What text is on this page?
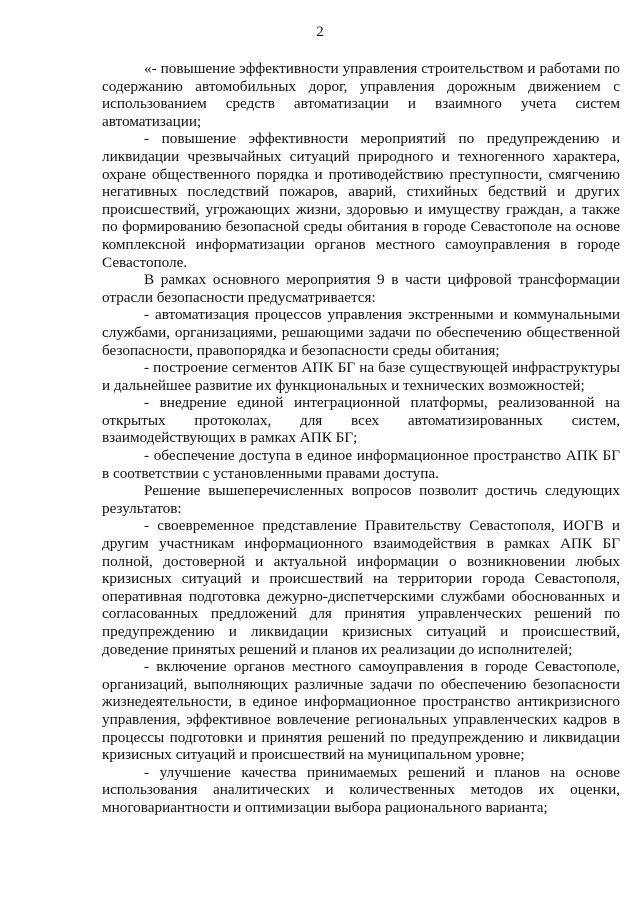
2

«- повышение эффективности управления строительством и работами по содержанию автомобильных дорог, управления дорожным движением с использованием средств автоматизации и взаимного учета систем автоматизации;

- повышение эффективности мероприятий по предупреждению и ликвидации чрезвычайных ситуаций природного и техногенного характера, охране общественного порядка и противодействию преступности, смягчению негативных последствий пожаров, аварий, стихийных бедствий и других происшествий, угрожающих жизни, здоровью и имуществу граждан, а также по формированию безопасной среды обитания в городе Севастополе на основе комплексной информатизации органов местного самоуправления в городе Севастополе.

В рамках основного мероприятия 9 в части цифровой трансформации отрасли безопасности предусматривается:

- автоматизация процессов управления экстренными и коммунальными службами, организациями, решающими задачи по обеспечению общественной безопасности, правопорядка и безопасности среды обитания;

- построение сегментов АПК БГ на базе существующей инфраструктуры и дальнейшее развитие их функциональных и технических возможностей;

- внедрение единой интеграционной платформы, реализованной на открытых протоколах, для всех автоматизированных систем, взаимодействующих в рамках АПК БГ;

- обеспечение доступа в единое информационное пространство АПК БГ в соответствии с установленными правами доступа.

Решение вышеперечисленных вопросов позволит достичь следующих результатов:

- своевременное представление Правительству Севастополя, ИОГВ и другим участникам информационного взаимодействия в рамках АПК БГ полной, достоверной и актуальной информации о возникновении любых кризисных ситуаций и происшествий на территории города Севастополя, оперативная подготовка дежурно-диспетчерскими службами обоснованных и согласованных предложений для принятия управленческих решений по предупреждению и ликвидации кризисных ситуаций и происшествий, доведение принятых решений и планов их реализации до исполнителей;

- включение органов местного самоуправления в городе Севастополе, организаций, выполняющих различные задачи по обеспечению безопасности жизнедеятельности, в единое информационное пространство антикризисного управления, эффективное вовлечение региональных управленческих кадров в процессы подготовки и принятия решений по предупреждению и ликвидации кризисных ситуаций и происшествий на муниципальном уровне;

- улучшение качества принимаемых решений и планов на основе использования аналитических и количественных методов их оценки, многовариантности и оптимизации выбора рационального варианта;
